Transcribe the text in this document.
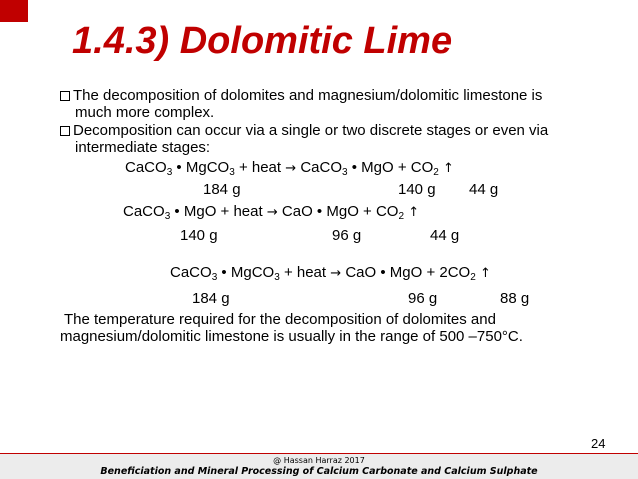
1.4.3) Dolomitic Lime
The decomposition of dolomites and magnesium/dolomitic limestone is
much more complex.
Decomposition can occur via a single or two discrete stages or even via
intermediate stages:
CaCO$_3$ • MgCO$_3$ + heat → CaCO$_3$ • MgO + $CO_2$ ↑
184 g	140 g 44 g
CaCO$_3$ • MgO + heat → CaO • MgO + $CO_2$ ↑
140 g	96 g	44 g
CaCO$_3$ • MgCO$_3$ + heat → CaO • MgO + $2CO_2$ ↑
184 g	96 g	88 g
The temperature required for the decomposition of dolomites and
magnesium/dolomitic limestone is usually in the range of 500 –750°C.
24
@ Hassan Harraz 2017
Beneficiation and Mineral Processing of Calcium Carbonate and Calcium Sulphate
